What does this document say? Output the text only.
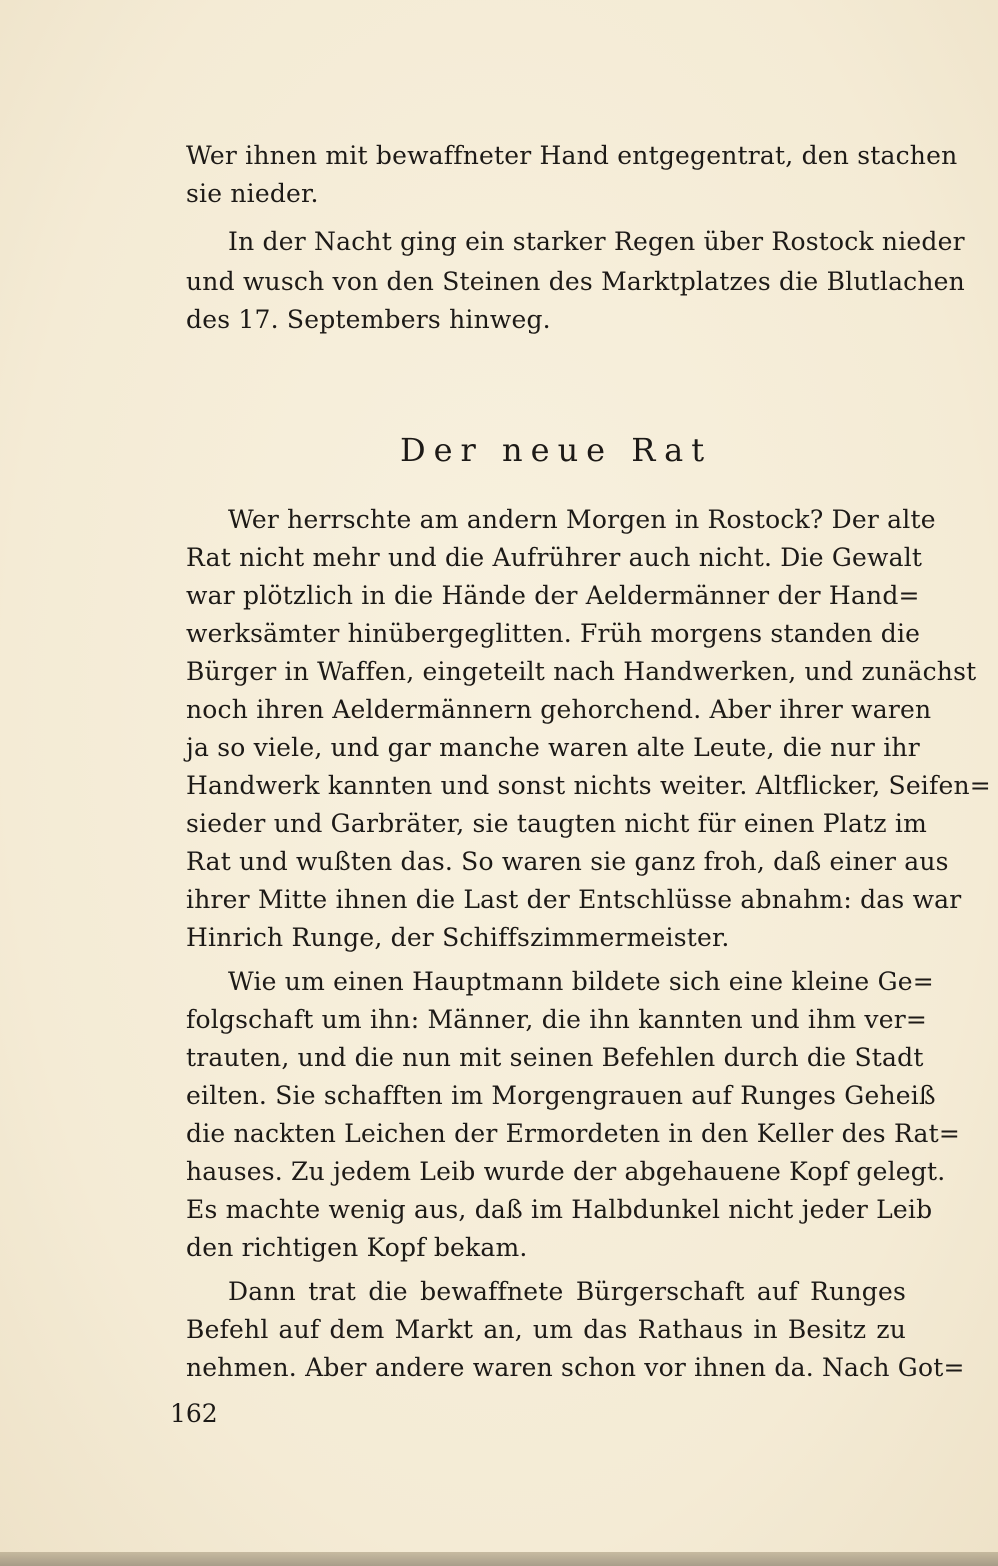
Wer ihnen mit bewaffneter Hand entgegentrat, den stachen
sie nieder.
In der Nacht ging ein starker Regen über Rostock nieder
und wusch von den Steinen des Marktplatzes die Blutlachen
des 17. Septembers hinweg.
Der neue Rat
Wer herrschte am andern Morgen in Rostock? Der alte
Rat nicht mehr und die Aufrührer auch nicht. Die Gewalt
war plötzlich in die Hände der Aeldermänner der Hand=
werksämter hinübergeglitten. Früh morgens standen die
Bürger in Waffen, eingeteilt nach Handwerken, und zunächst
noch ihren Aeldermännern gehorchend. Aber ihrer waren
ja so viele, und gar manche waren alte Leute, die nur ihr
Handwerk kannten und sonst nichts weiter. Altflicker, Seifen=
sieder und Garbräter, sie taugten nicht für einen Platz im
Rat und wußten das. So waren sie ganz froh, daß einer aus
ihrer Mitte ihnen die Last der Entschlüsse abnahm: das war
Hinrich Runge, der Schiffszimmermeister.
Wie um einen Hauptmann bildete sich eine kleine Ge=
folgschaft um ihn: Männer, die ihn kannten und ihm ver=
trauten, und die nun mit seinen Befehlen durch die Stadt
eilten. Sie schafften im Morgengrauen auf Runges Geheiß
die nackten Leichen der Ermordeten in den Keller des Rat=
hauses. Zu jedem Leib wurde der abgehauene Kopf gelegt.
Es machte wenig aus, daß im Halbdunkel nicht jeder Leib
den richtigen Kopf bekam.
Dann trat die bewaffnete Bürgerschaft auf Runges
Befehl auf dem Markt an, um das Rathaus in Besitz zu
nehmen. Aber andere waren schon vor ihnen da. Nach Got=
162
